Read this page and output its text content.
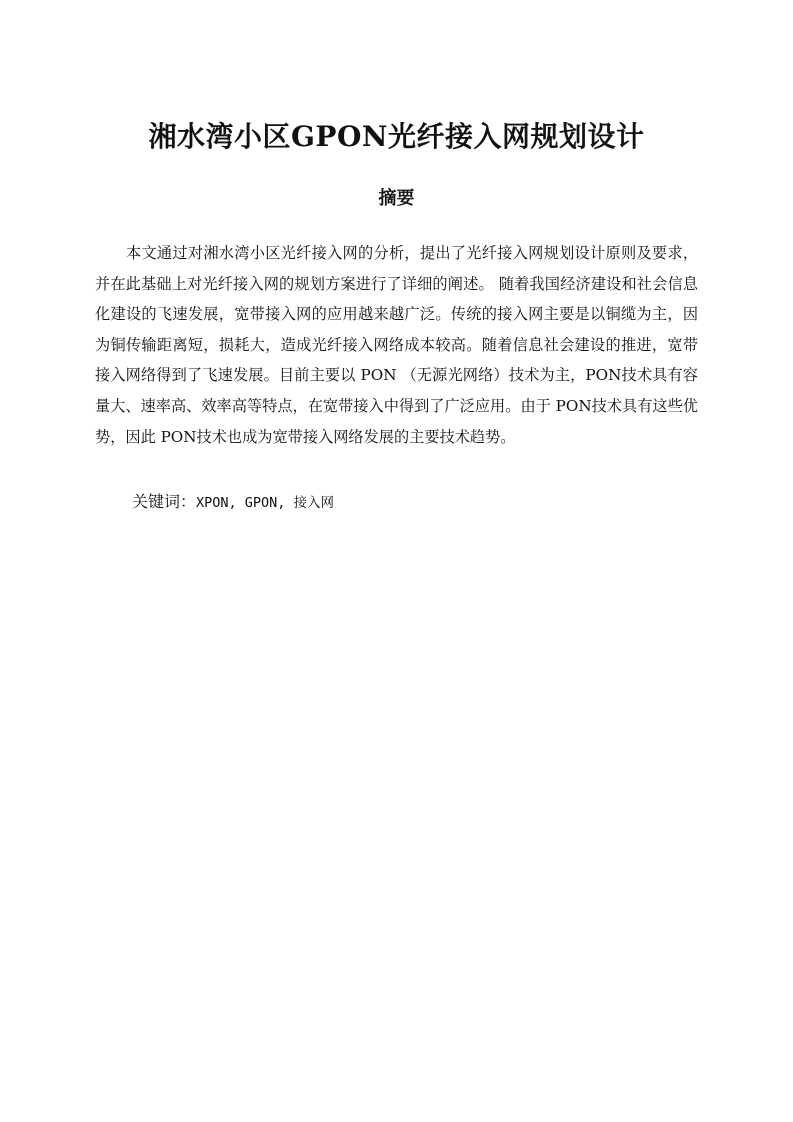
湘水湾小区GPON光纤接入网规划设计
摘要

本文通过对湘水湾小区光纤接入网的分析，提出了光纤接入网规划设计原则及要求，并在此基础上对光纤接入网的规划方案进行了详细的阐述。 随着我国经济建设和社会信息化建设的飞速发展，宽带接入网的应用越来越广泛。传统的接入网主要是以铜缆为主，因为铜传输距离短，损耗大，造成光纤接入网络成本较高。随着信息社会建设的推进，宽带接入网络得到了飞速发展。目前主要以 PON （无源光网络）技术为主，PON技术具有容量大、速率高、效率高等特点，在宽带接入中得到了广泛应用。由于 PON技术具有这些优势，因此 PON技术也成为宽带接入网络发展的主要技术趋势。

关键词：XPON, GPON, 接入网
